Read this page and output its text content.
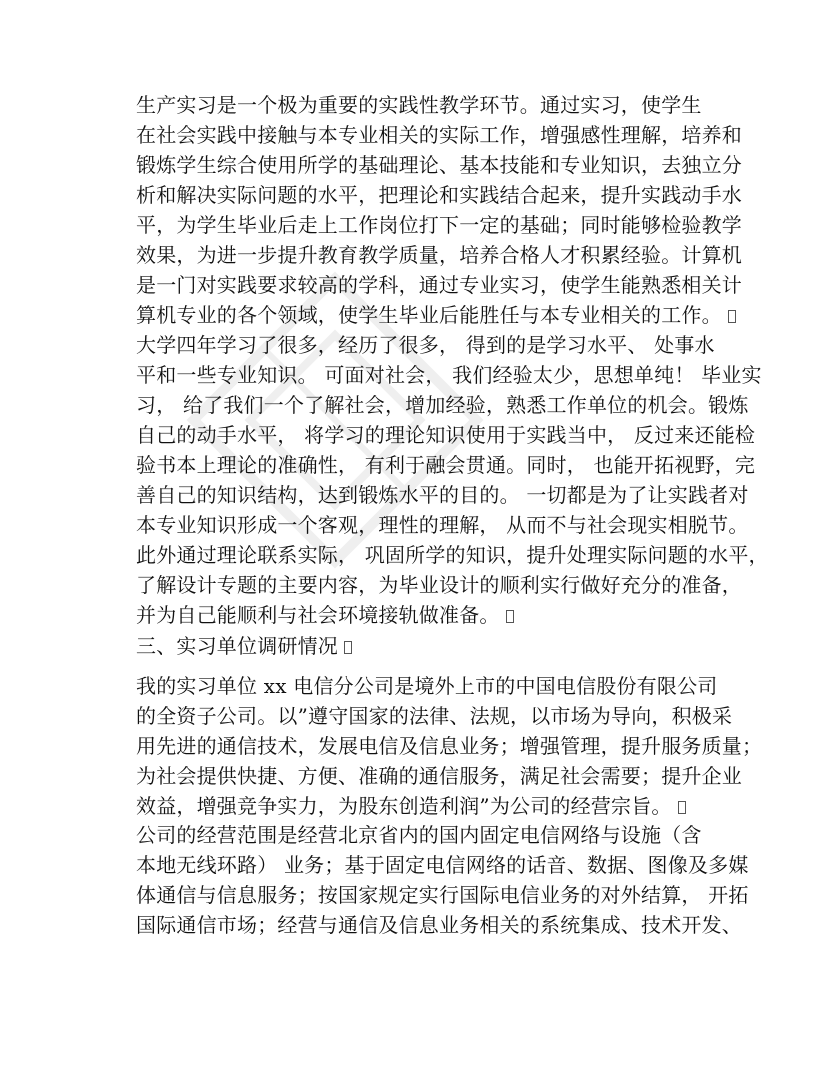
生产实习是一个极为重要的实践性教学环节。通过实习，使学生
在社会实践中接触与本专业相关的实际工作，增强感性理解，培养和
锻炼学生综合使用所学的基础理论、基本技能和专业知识，去独立分
析和解决实际问题的水平，把理论和实践结合起来，提升实践动手水
平，为学生毕业后走上工作岗位打下一定的基础；同时能够检验教学
效果，为进一步提升教育教学质量，培养合格人才积累经验。计算机
是一门对实践要求较高的学科，通过专业实习，使学生能熟悉相关计
算机专业的各个领域，使学生毕业后能胜任与本专业相关的工作。
大学四年学习了很多，经历了很多， 得到的是学习水平、 处事水
平和一些专业知识。 可面对社会， 我们经验太少，思想单纯！ 毕业实
习， 给了我们一个了解社会，增加经验，熟悉工作单位的机会。锻炼
自己的动手水平， 将学习的理论知识使用于实践当中， 反过来还能检
验书本上理论的准确性， 有利于融会贯通。同时， 也能开拓视野，完
善自己的知识结构，达到锻炼水平的目的。 一切都是为了让实践者对
本专业知识形成一个客观，理性的理解， 从而不与社会现实相脱节。
此外通过理论联系实际， 巩固所学的知识，提升处理实际问题的水平，
了解设计专题的主要内容，为毕业设计的顺利实行做好充分的准备，
并为自己能顺利与社会环境接轨做准备。
三、实习单位调研情况
我的实习单位 xx 电信分公司是境外上市的中国电信股份有限公司
的全资子公司。以”遵守国家的法律、法规，以市场为导向，积极采
用先进的通信技术，发展电信及信息业务；增强管理，提升服务质量；
为社会提供快捷、方便、准确的通信服务，满足社会需要；提升企业
效益，增强竞争实力，为股东创造利润”为公司的经营宗旨。
公司的经营范围是经营北京省内的国内固定电信网络与设施（含
本地无线环路） 业务；基于固定电信网络的话音、数据、图像及多媒
体通信与信息服务；按国家规定实行国际电信业务的对外结算， 开拓
国际通信市场；经营与通信及信息业务相关的系统集成、技术开发、
